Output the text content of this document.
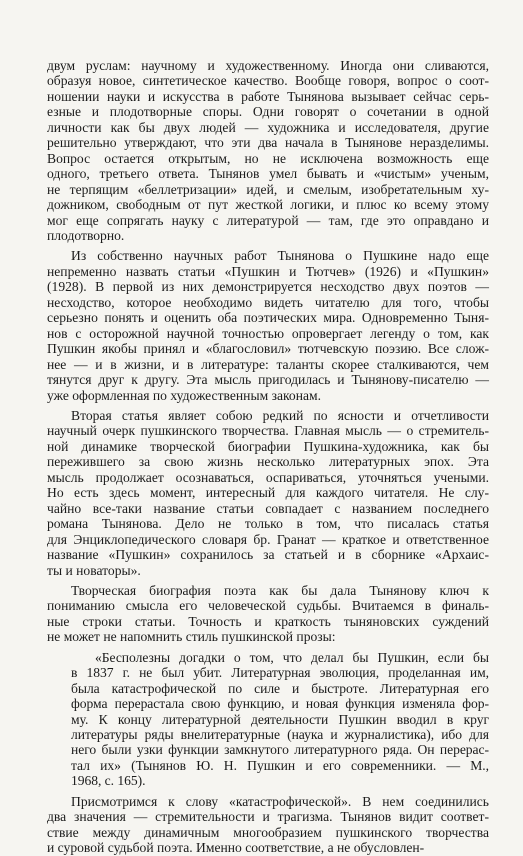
двум руслам: научному и художественному. Иногда они сливаются,
образуя новое, синтетическое качество. Вообще говоря, вопрос о соот-
ношении науки и искусства в работе Тынянова вызывает сейчас серь-
езные и плодотворные споры. Одни говорят о сочетании в одной
личности как бы двух людей — художника и исследователя, другие
решительно утверждают, что эти два начала в Тынянове неразделимы.
Вопрос остается открытым, но не исключена возможность еще
одного, третьего ответа. Тынянов умел бывать и «чистым» ученым,
не терпящим «беллетризации» идей, и смелым, изобретательным ху-
дожником, свободным от пут жесткой логики, и плюс ко всему этому
мог еще сопрягать науку с литературой — там, где это оправдано и
плодотворно.
Из собственно научных работ Тынянова о Пушкине надо еще
непременно назвать статьи «Пушкин и Тютчев» (1926) и «Пушкин»
(1928). В первой из них демонстрируется несходство двух поэтов —
несходство, которое необходимо видеть читателю для того, чтобы
серьезно понять и оценить оба поэтических мира. Одновременно Тыня-
нов с осторожной научной точностью опровергает легенду о том, как
Пушкин якобы принял и «благословил» тютчевскую поэзию. Все слож-
нее — и в жизни, и в литературе: таланты скорее сталкиваются, чем
тянутся друг к другу. Эта мысль пригодилась и Тынянову-писателю —
уже оформленная по художественным законам.
Вторая статья являет собою редкий по ясности и отчетливости
научный очерк пушкинского творчества. Главная мысль — о стремитель-
ной динамике творческой биографии Пушкина-художника, как бы
пережившего за свою жизнь несколько литературных эпох. Эта
мысль продолжает осознаваться, оспариваться, уточняться учеными.
Но есть здесь момент, интересный для каждого читателя. Не слу-
чайно все-таки название статьи совпадает с названием последнего
романа Тынянова. Дело не только в том, что писалась статья
для Энциклопедического словаря бр. Гранат — краткое и ответственное
название «Пушкин» сохранилось за статьей и в сборнике «Архаис-
ты и новаторы».
Творческая биография поэта как бы дала Тынянову ключ к
пониманию смысла его человеческой судьбы. Вчитаемся в финаль-
ные строки статьи. Точность и краткость тыняновских суждений
не может не напомнить стиль пушкинской прозы:
«Бесполезны догадки о том, что делал бы Пушкин, если бы
в 1837 г. не был убит. Литературная эволюция, проделанная им,
была катастрофической по силе и быстроте. Литературная его
форма перерастала свою функцию, и новая функция изменяла фор-
му. К концу литературной деятельности Пушкин вводил в круг
литературы ряды внелитературные (наука и журналистика), ибо для
него были узки функции замкнутого литературного ряда. Он перерас-
тал их» (Тынянов Ю. Н. Пушкин и его современники. — М.,
1968, с. 165).
Присмотримся к слову «катастрофической». В нем соединились
два значения — стремительности и трагизма. Тынянов видит соответ-
ствие между динамичным многообразием пушкинского творчества
и суровой судьбой поэта. Именно соответствие, а не обусловлен-
